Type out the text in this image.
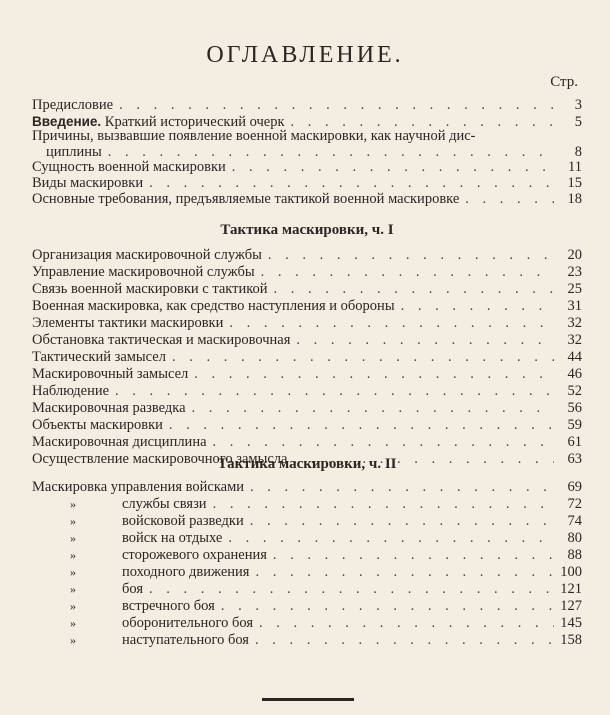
ОГЛАВЛЕНИЕ.
Стр.
Предисловие . . .	3
Введение. Краткий исторический очерк . . .	5
Причины, вызвавшие появление военной маскировки, как научной дис-
циплины . . .	8
Сущность военной маскировки . . .	11
Виды маскировки . . .	15
Основные требования, предъявляемые тактикой военной маскировке . . .	18
Тактика маскировки, ч. I
Организация маскировочной службы . . .	20
Управление маскировочной службы . . .	23
Связь военной маскировки с тактикой . . .	25
Военная маскировка, как средство наступления и обороны . . .	31
Элементы тактики маскировки . . .	32
Обстановка тактическая и маскировочная . . .	32
Тактический замысел . . .	44
Маскировочный замысел . . .	46
Наблюдение . . .	52
Маскировочная разведка . . .	56
Объекты маскировки . . .	59
Маскировочная дисциплина . . .	61
Осуществление маскировочного замысла . . .	63
Тактика маскировки, ч. II
Маскировка управления войсками . . .	69
»	службы связи . . .	72
»	войсковой разведки . . .	74
»	войск на отдыхе . . .	80
»	сторожевого охранения . . .	88
»	походного движения . . .	100
»	боя . . .	121
»	встречного боя . . .	127
»	оборонительного боя . . .	145
»	наступательного боя . . .	158
